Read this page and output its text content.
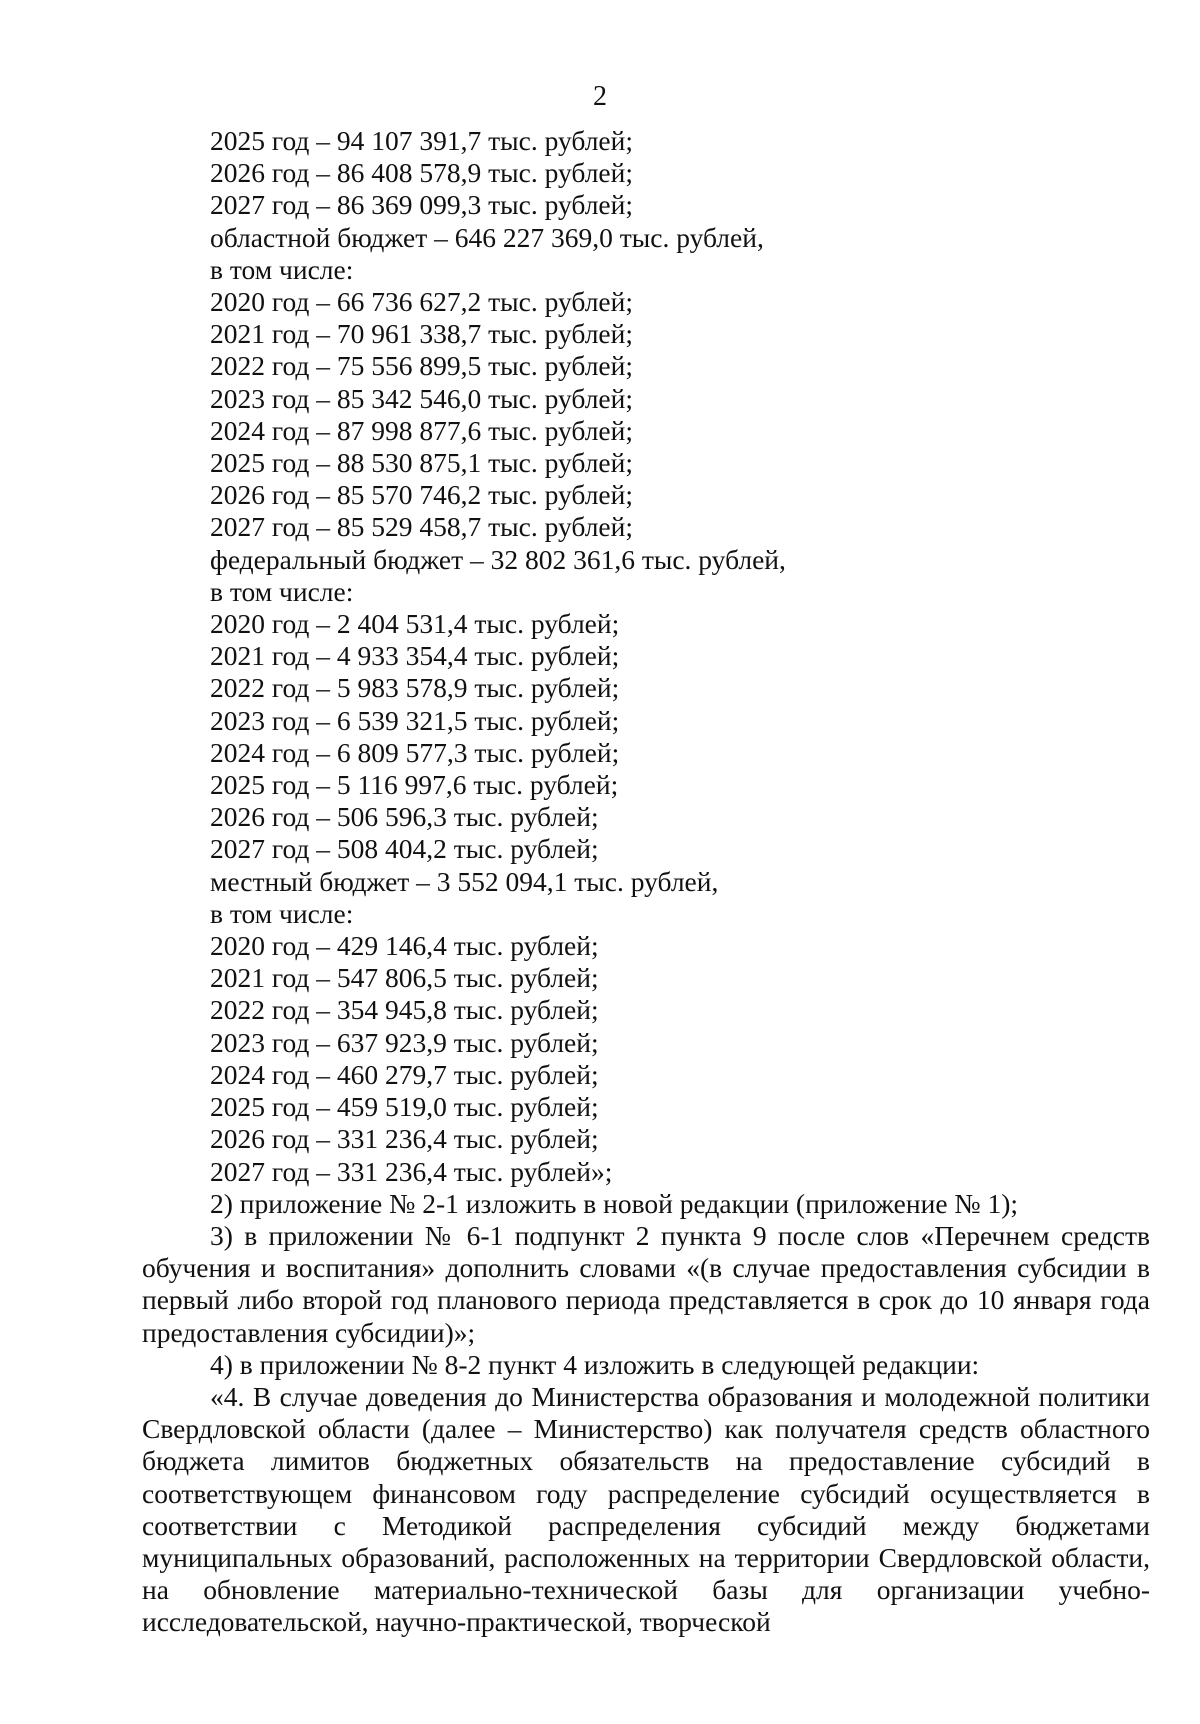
2

2025 год – 94 107 391,7 тыс. рублей;

2026 год – 86 408 578,9 тыс. рублей;

2027 год – 86 369 099,3 тыс. рублей;

областной бюджет – 646 227 369,0 тыс. рублей,

в том числе:

2020 год – 66 736 627,2 тыс. рублей;

2021 год – 70 961 338,7 тыс. рублей;

2022 год – 75 556 899,5 тыс. рублей;

2023 год – 85 342 546,0 тыс. рублей;

2024 год – 87 998 877,6 тыс. рублей;

2025 год – 88 530 875,1 тыс. рублей;

2026 год – 85 570 746,2 тыс. рублей;

2027 год – 85 529 458,7 тыс. рублей;

федеральный бюджет – 32 802 361,6 тыс. рублей,

в том числе:

2020 год – 2 404 531,4 тыс. рублей;

2021 год – 4 933 354,4 тыс. рублей;

2022 год – 5 983 578,9 тыс. рублей;

2023 год – 6 539 321,5 тыс. рублей;

2024 год – 6 809 577,3 тыс. рублей;

2025 год – 5 116 997,6 тыс. рублей;

2026 год – 506 596,3 тыс. рублей;

2027 год – 508 404,2 тыс. рублей;

местный бюджет – 3 552 094,1 тыс. рублей,

в том числе:

2020 год – 429 146,4 тыс. рублей;

2021 год – 547 806,5 тыс. рублей;

2022 год – 354 945,8 тыс. рублей;

2023 год – 637 923,9 тыс. рублей;

2024 год – 460 279,7 тыс. рублей;

2025 год – 459 519,0 тыс. рублей;

2026 год – 331 236,4 тыс. рублей;

2027 год – 331 236,4 тыс. рублей»;

2) приложение № 2-1 изложить в новой редакции (приложение № 1);

3) в приложении № 6-1 подпункт 2 пункта 9 после слов «Перечнем средств обучения и воспитания» дополнить словами «(в случае предоставления субсидии в первый либо второй год планового периода представляется в срок до 10 января года предоставления субсидии)»;

4) в приложении № 8-2 пункт 4 изложить в следующей редакции:

«4. В случае доведения до Министерства образования и молодежной политики Свердловской области (далее – Министерство) как получателя средств областного бюджета лимитов бюджетных обязательств на предоставление субсидий в соответствующем финансовом году распределение субсидий осуществляется в соответствии с Методикой распределения субсидий между бюджетами муниципальных образований, расположенных на территории Свердловской области, на обновление материально-технической базы для организации учебно-исследовательской, научно-практической, творческой
